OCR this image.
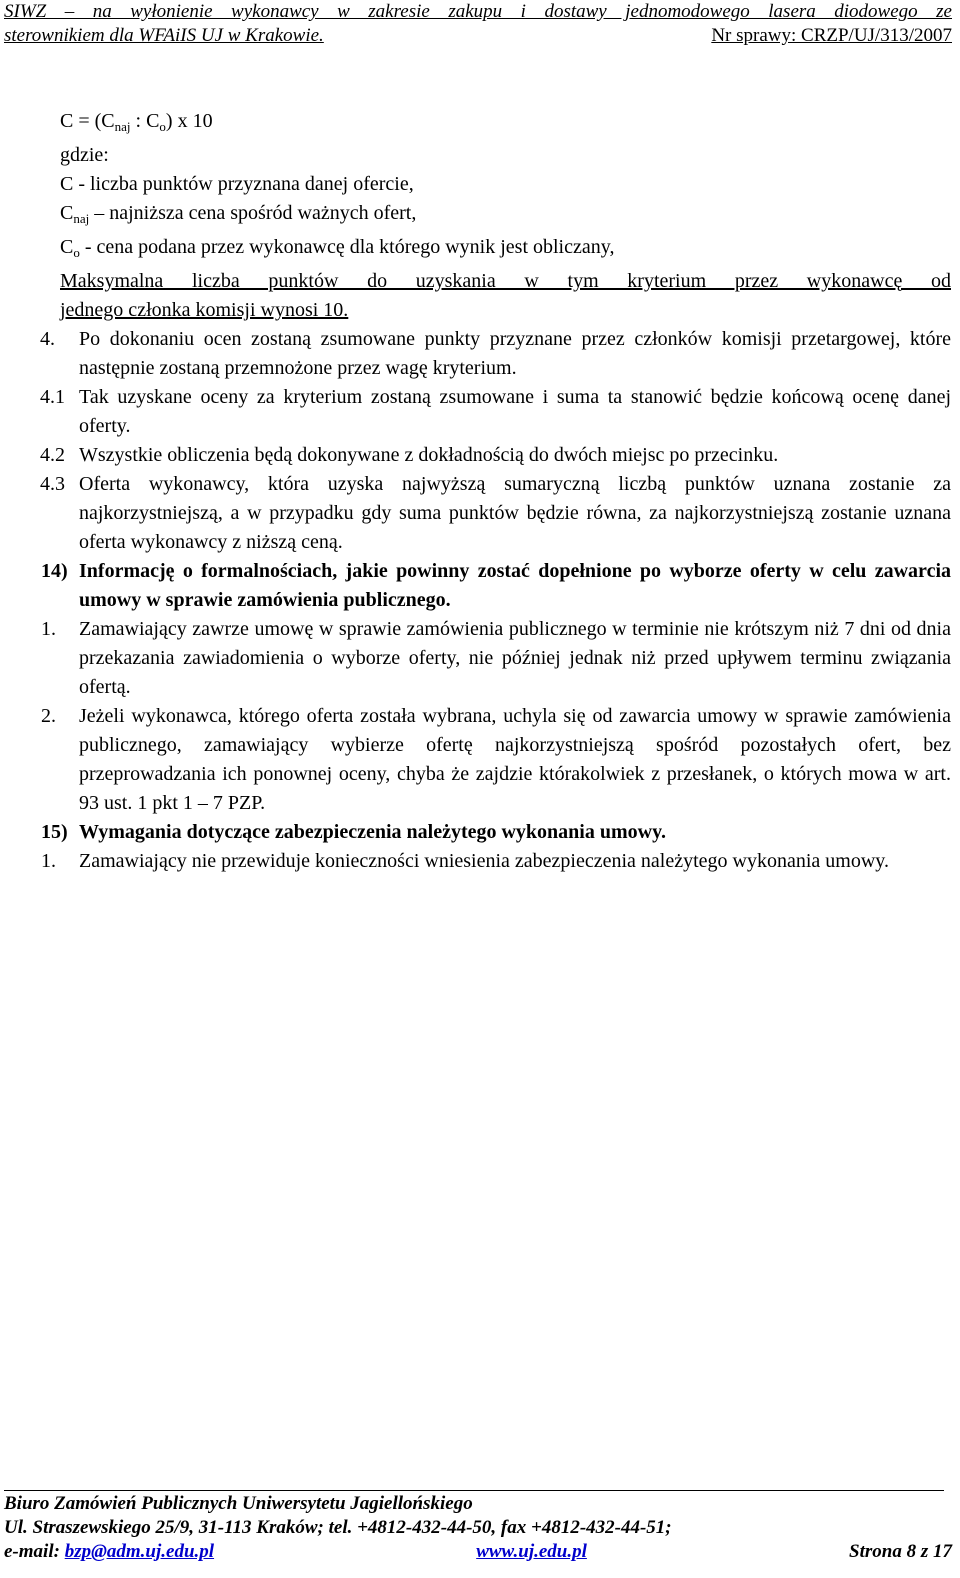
SIWZ – na wyłonienie wykonawcy w zakresie zakupu i dostawy jednomodowego lasera diodowego ze
sterownikiem dla WFAiIS UJ w Krakowie.	Nr sprawy: CRZP/UJ/313/2007
$C = (C_{naj}$ : $C_o$) x 10
gdzie:
C - liczba punktów przyznana danej ofercie,
$C_{naj}$ – najniższa cena spośród ważnych ofert,
$C_o$ - cena podana przez wykonawcę dla którego wynik jest obliczany,
Maksymalna liczba punktów do uzyskania w tym kryterium przez wykonawcę od
jednego członka komisji wynosi 10.
4. Po dokonaniu ocen zostaną zsumowane punkty przyznane przez członków komisji przetargowej, które następnie zostaną przemnożone przez wagę kryterium.
4.1 Tak uzyskane oceny za kryterium zostaną zsumowane i suma ta stanowić będzie końcową ocenę danej oferty.
4.2 Wszystkie obliczenia będą dokonywane z dokładnością do dwóch miejsc po przecinku.
4.3 Oferta wykonawcy, która uzyska najwyższą sumaryczną liczbą punktów uznana zostanie za najkorzystniejszą, a w przypadku gdy suma punktów będzie równa, za najkorzystniejszą zostanie uznana oferta wykonawcy z niższą ceną.
14) Informację o formalnościach, jakie powinny zostać dopełnione po wyborze oferty w celu zawarcia umowy w sprawie zamówienia publicznego.
1. Zamawiający zawrze umowę w sprawie zamówienia publicznego w terminie nie krótszym niż 7 dni od dnia przekazania zawiadomienia o wyborze oferty, nie później jednak niż przed upływem terminu związania ofertą.
2. Jeżeli wykonawca, którego oferta została wybrana, uchyla się od zawarcia umowy w sprawie zamówienia publicznego, zamawiający wybierze ofertę najkorzystniejszą spośród pozostałych ofert, bez przeprowadzania ich ponownej oceny, chyba że zajdzie którakolwiek z przesłanek, o których mowa w art. 93 ust. 1 pkt 1 – 7 PZP.
15) Wymagania dotyczące zabezpieczenia należytego wykonania umowy.
1. Zamawiający nie przewiduje konieczności wniesienia zabezpieczenia należytego wykonania umowy.
Biuro Zamówień Publicznych Uniwersytetu Jagiellońskiego
Ul. Straszewskiego 25/9, 31-113 Kraków; tel. +4812-432-44-50, fax +4812-432-44-51;
e-mail: bzp@adm.uj.edu.pl	www.uj.edu.pl	Strona 8 z 17
